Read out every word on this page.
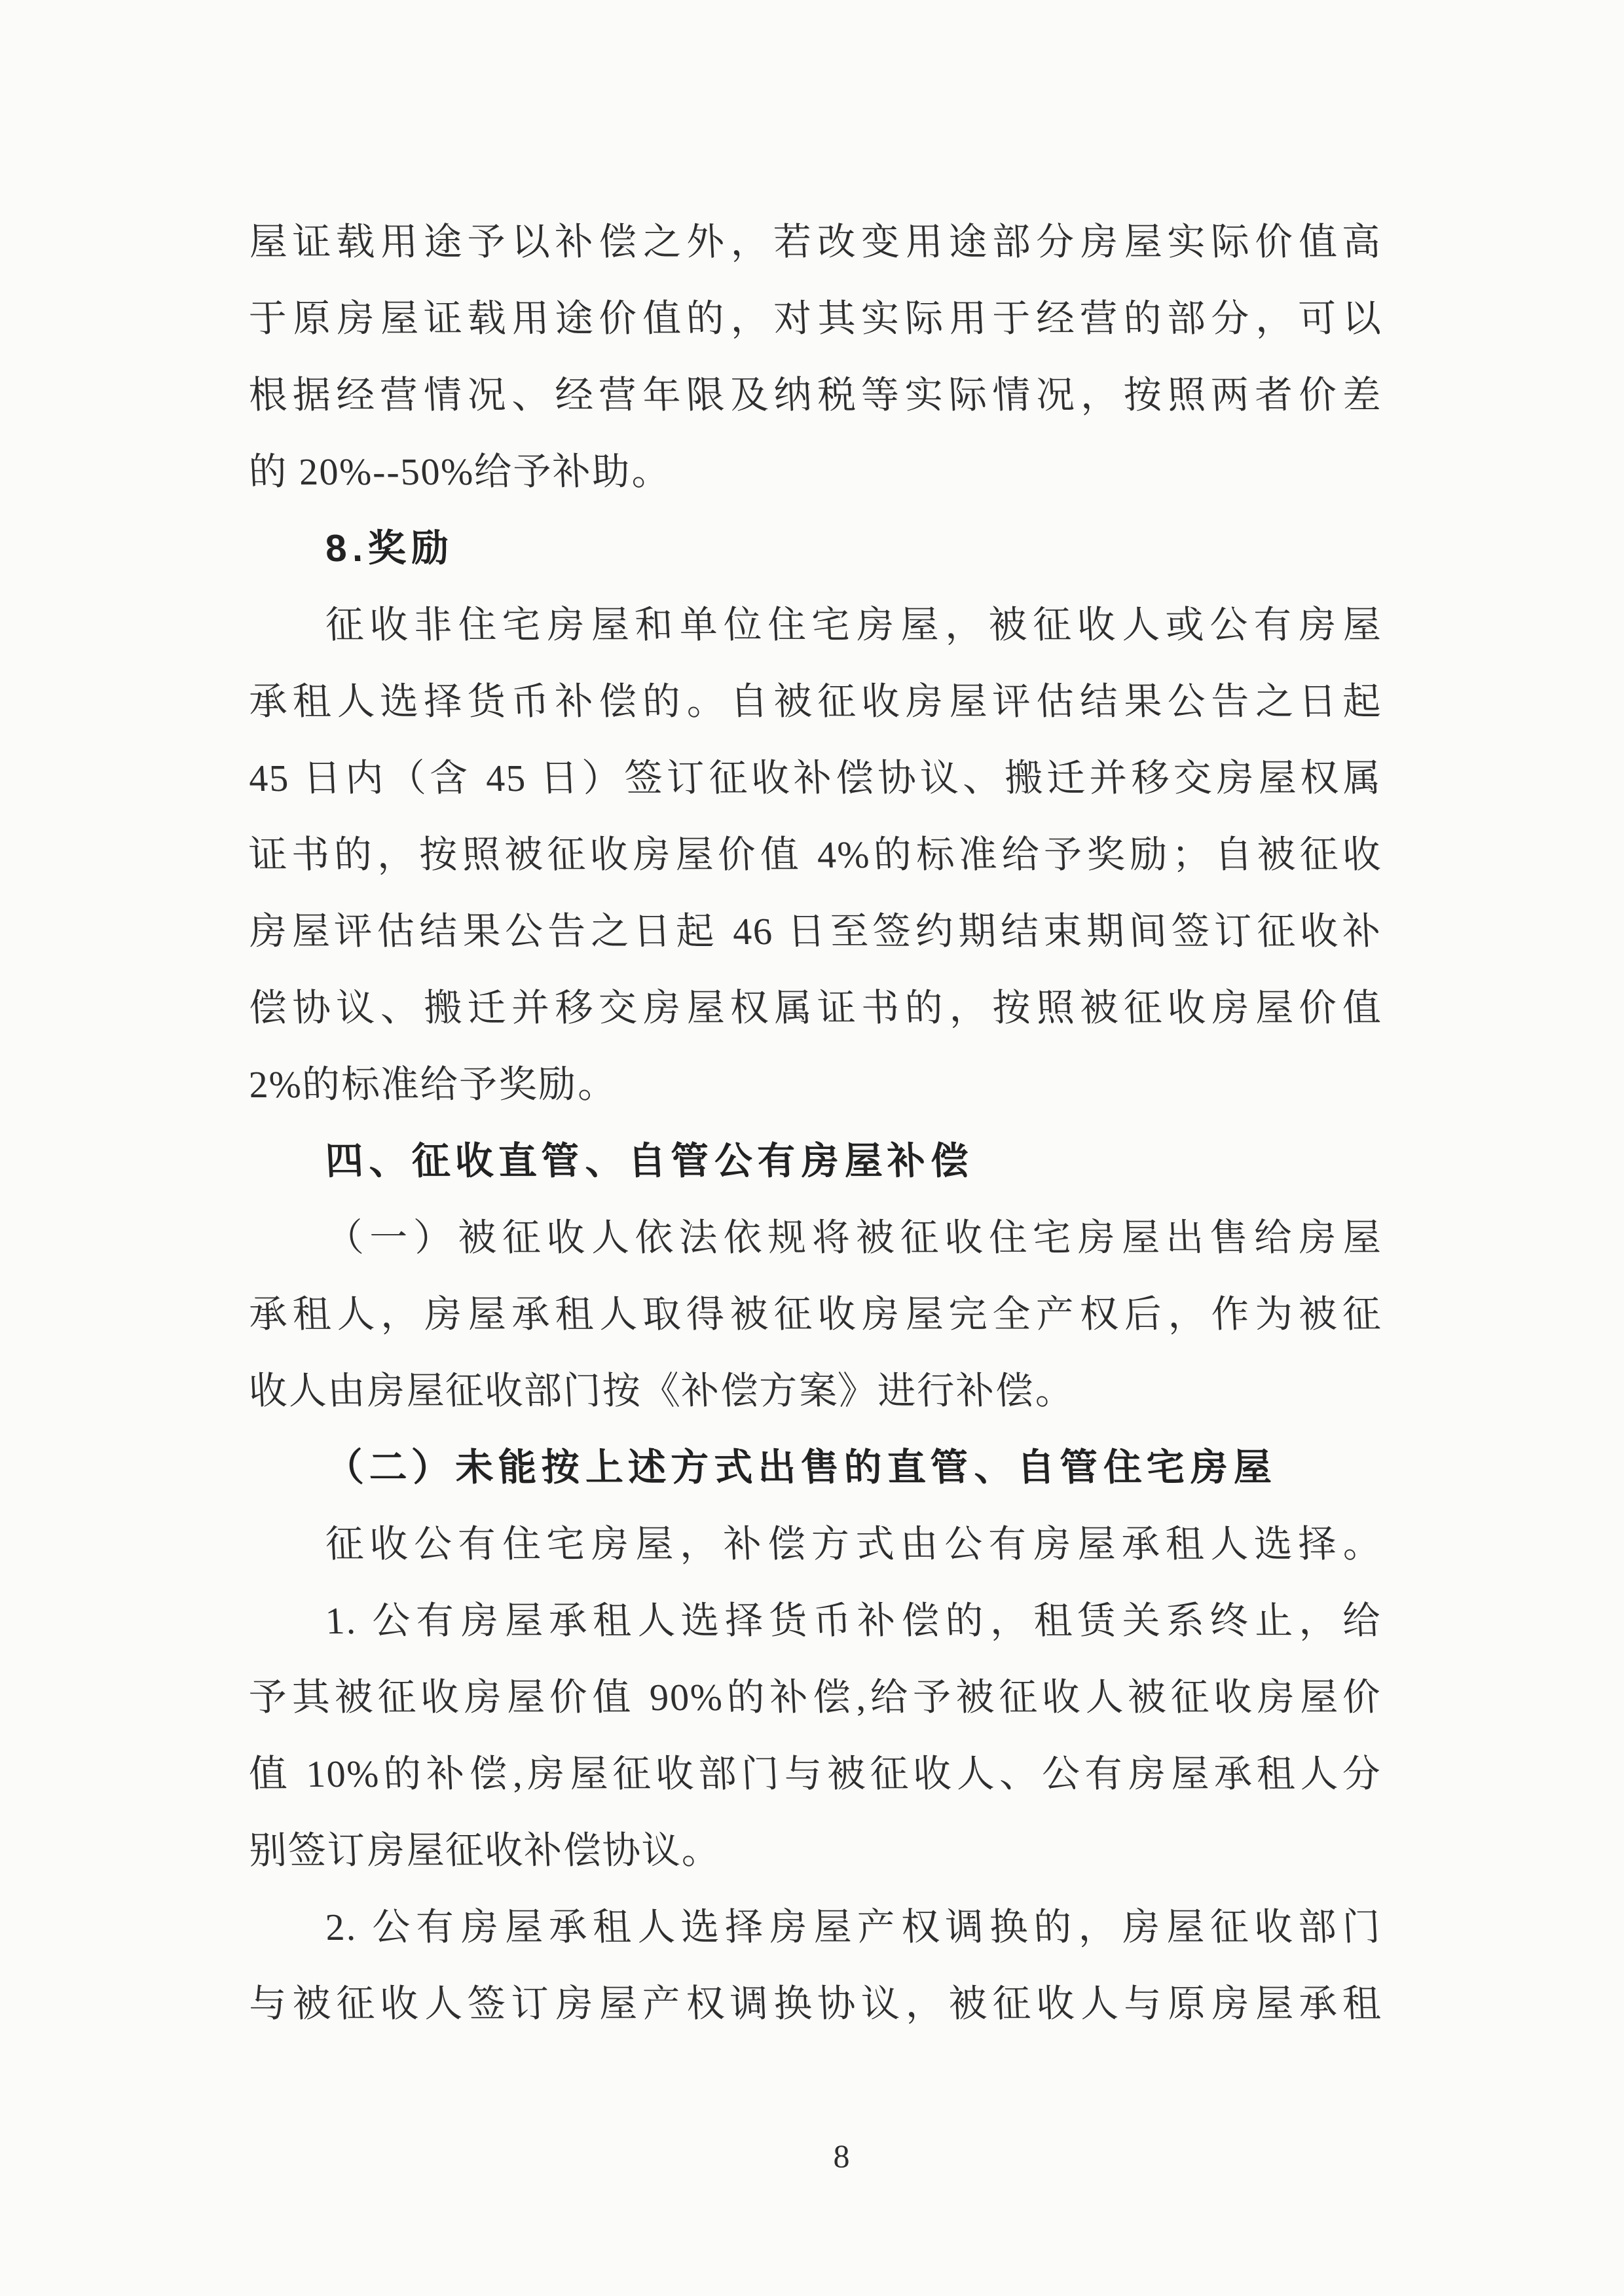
屋证载用途予以补偿之外，若改变用途部分房屋实际价值高
于原房屋证载用途价值的，对其实际用于经营的部分，可以
根据经营情况、经营年限及纳税等实际情况，按照两者价差
的 20%--50%给予补助。
8.奖励
征收非住宅房屋和单位住宅房屋，被征收人或公有房屋
承租人选择货币补偿的。自被征收房屋评估结果公告之日起
45 日内（含 45 日）签订征收补偿协议、搬迁并移交房屋权属
证书的，按照被征收房屋价值 4%的标准给予奖励；自被征收
房屋评估结果公告之日起 46 日至签约期结束期间签订征收补
偿协议、搬迁并移交房屋权属证书的，按照被征收房屋价值
2%的标准给予奖励。
四、征收直管、自管公有房屋补偿
（一）被征收人依法依规将被征收住宅房屋出售给房屋
承租人，房屋承租人取得被征收房屋完全产权后，作为被征
收人由房屋征收部门按《补偿方案》进行补偿。
（二）未能按上述方式出售的直管、自管住宅房屋
征收公有住宅房屋，补偿方式由公有房屋承租人选择。
1. 公有房屋承租人选择货币补偿的，租赁关系终止，给
予其被征收房屋价值 90%的补偿,给予被征收人被征收房屋价
值 10%的补偿,房屋征收部门与被征收人、公有房屋承租人分
别签订房屋征收补偿协议。
2. 公有房屋承租人选择房屋产权调换的，房屋征收部门
与被征收人签订房屋产权调换协议，被征收人与原房屋承租
8
